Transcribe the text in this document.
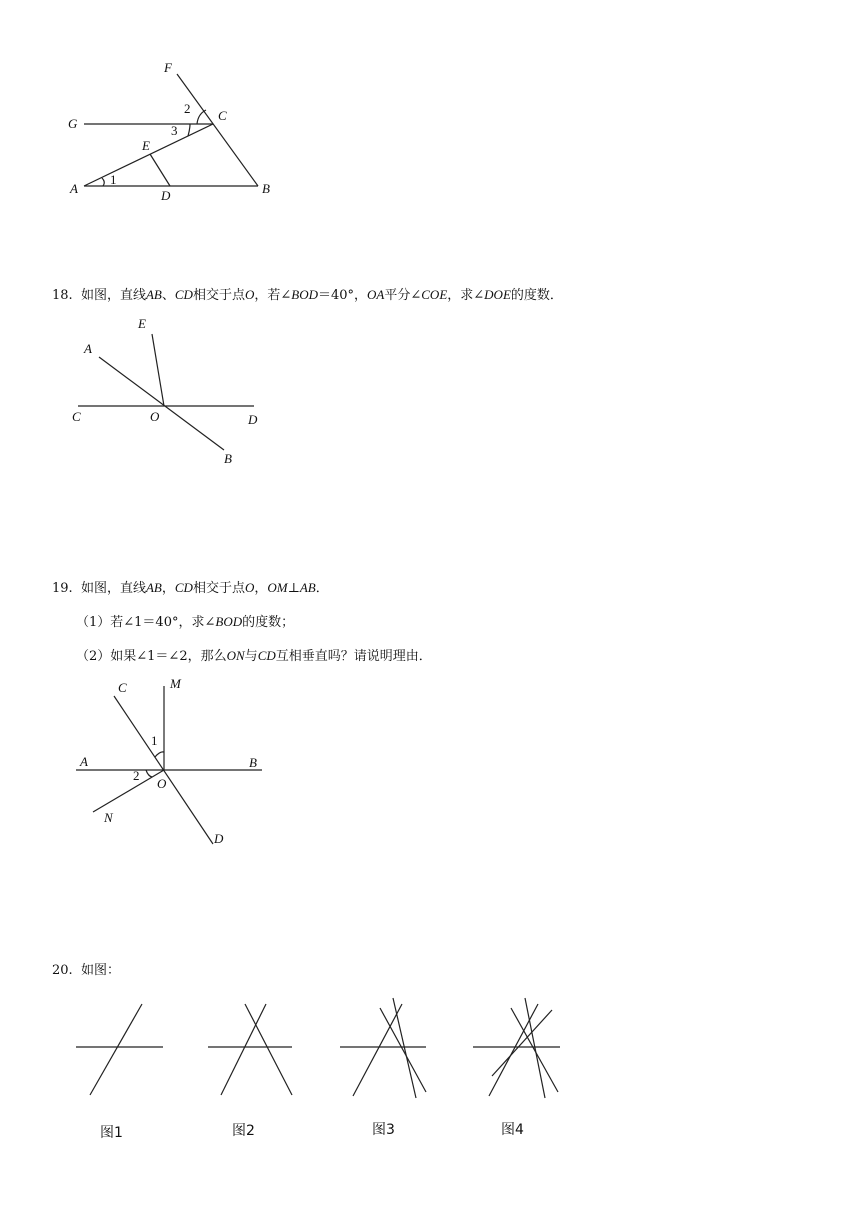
F
G
C
E
A	D	B
1
2
3
18. 如图，直线AB、CD相交于点O，若∠BOD＝40°，OA平分∠COE，求∠DOE的度数．
E
A
C	O	D
B
19. 如图，直线AB，CD相交于点O，OM⊥AB．
（1）若∠1＝40°，求∠BOD的度数；
（2）如果∠1＝∠2，那么ON与CD互相垂直吗？请说明理由．
C	M
A	B
O
N
D
1
2
20. 如图：
图1	图2	图3	图4
